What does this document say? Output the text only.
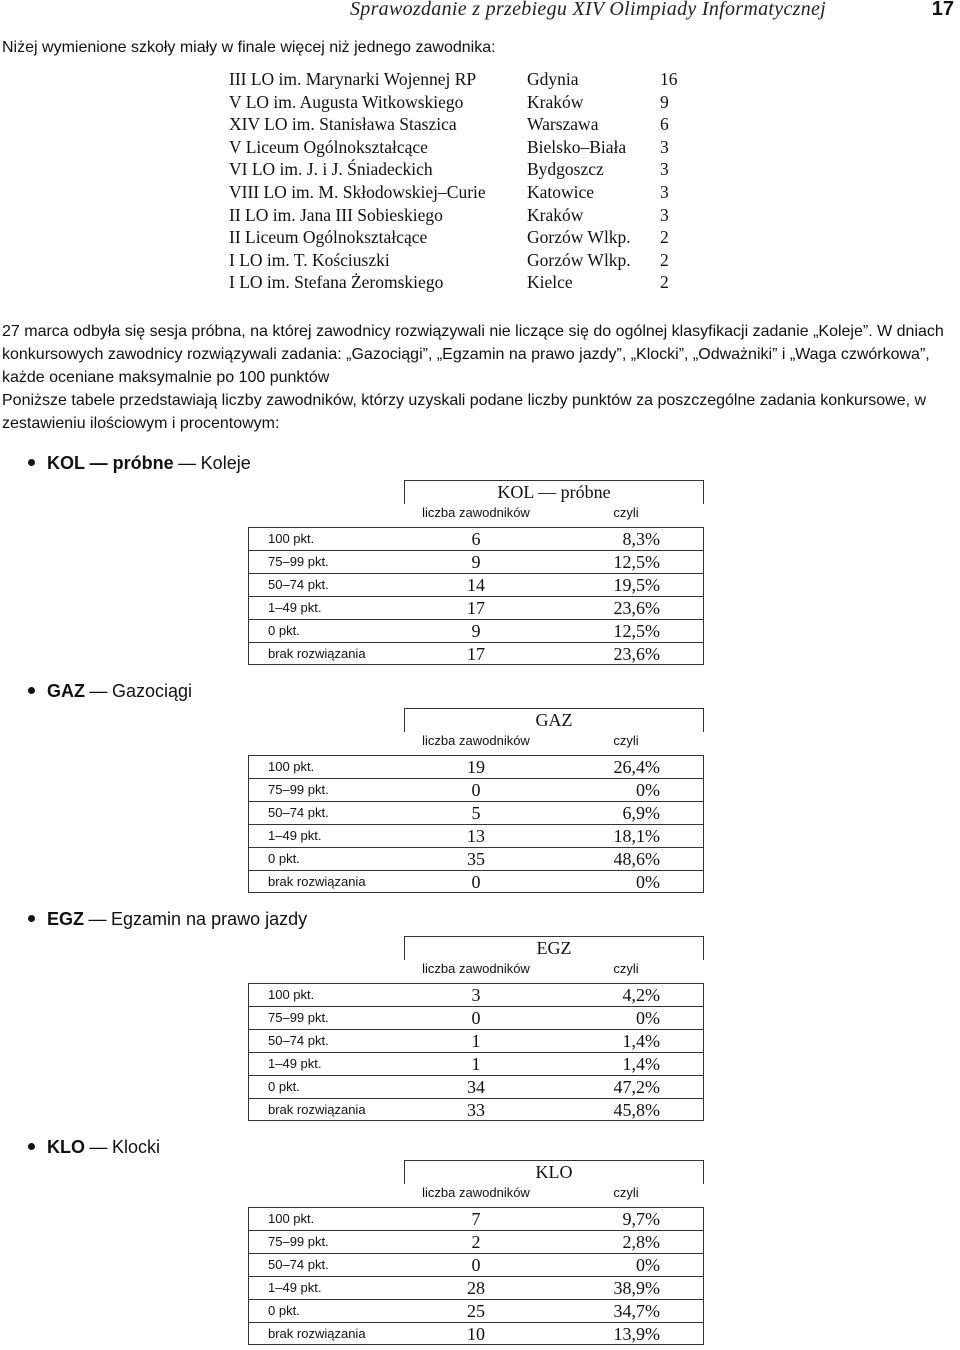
Sprawozdanie z przebiegu XIV Olimpiady Informatycznej	17
Niżej wymienione szkoły miały w finale więcej niż jednego zawodnika:
III LO im. Marynarki Wojennej RP	Gdynia	16
V LO im. Augusta Witkowskiego	Kraków	9
XIV LO im. Stanisława Staszica	Warszawa	6
V Liceum Ogólnokształcące	Bielsko–Biała	3
VI LO im. J. i J. Śniadeckich	Bydgoszcz	3
VIII LO im. M. Skłodowskiej–Curie	Katowice	3
II LO im. Jana III Sobieskiego	Kraków	3
II Liceum Ogólnokształcące	Gorzów Wlkp.	2
I LO im. T. Kościuszki	Gorzów Wlkp.	2
I LO im. Stefana Żeromskiego	Kielce	2

27 marca odbyła się sesja próbna, na której zawodnicy rozwiązywali nie liczące się do ogólnej klasyfikacji zadanie „Koleje”. W dniach konkursowych zawodnicy rozwiązywali zadania: „Gazociągi”, „Egzamin na prawo jazdy”, „Klocki”, „Odważniki” i „Waga czwórkowa”, każde oceniane maksymalnie po 100 punktów

Poniższe tabele przedstawiają liczby zawodników, którzy uzyskali podane liczby punktów za poszczególne zadania konkursowe, w zestawieniu ilościowym i procentowym:

KOL — próbne — Koleje
KOL — próbne
liczba zawodników	czyli
100 pkt.	6	8,3%
75–99 pkt.	9	12,5%
50–74 pkt.	14	19,5%
1–49 pkt.	17	23,6%
0 pkt.	9	12,5%
brak rozwiązania	17	23,6%
GAZ — Gazociągi
GAZ
liczba zawodników	czyli
100 pkt.	19	26,4%
75–99 pkt.	0	0%
50–74 pkt.	5	6,9%
1–49 pkt.	13	18,1%
0 pkt.	35	48,6%
brak rozwiązania	0	0%
EGZ — Egzamin na prawo jazdy
EGZ
liczba zawodników	czyli
100 pkt.	3	4,2%
75–99 pkt.	0	0%
50–74 pkt.	1	1,4%
1–49 pkt.	1	1,4%
0 pkt.	34	47,2%
brak rozwiązania	33	45,8%
KLO — Klocki
KLO
liczba zawodników	czyli
100 pkt.	7	9,7%
75–99 pkt.	2	2,8%
50–74 pkt.	0	0%
1–49 pkt.	28	38,9%
0 pkt.	25	34,7%
brak rozwiązania	10	13,9%
